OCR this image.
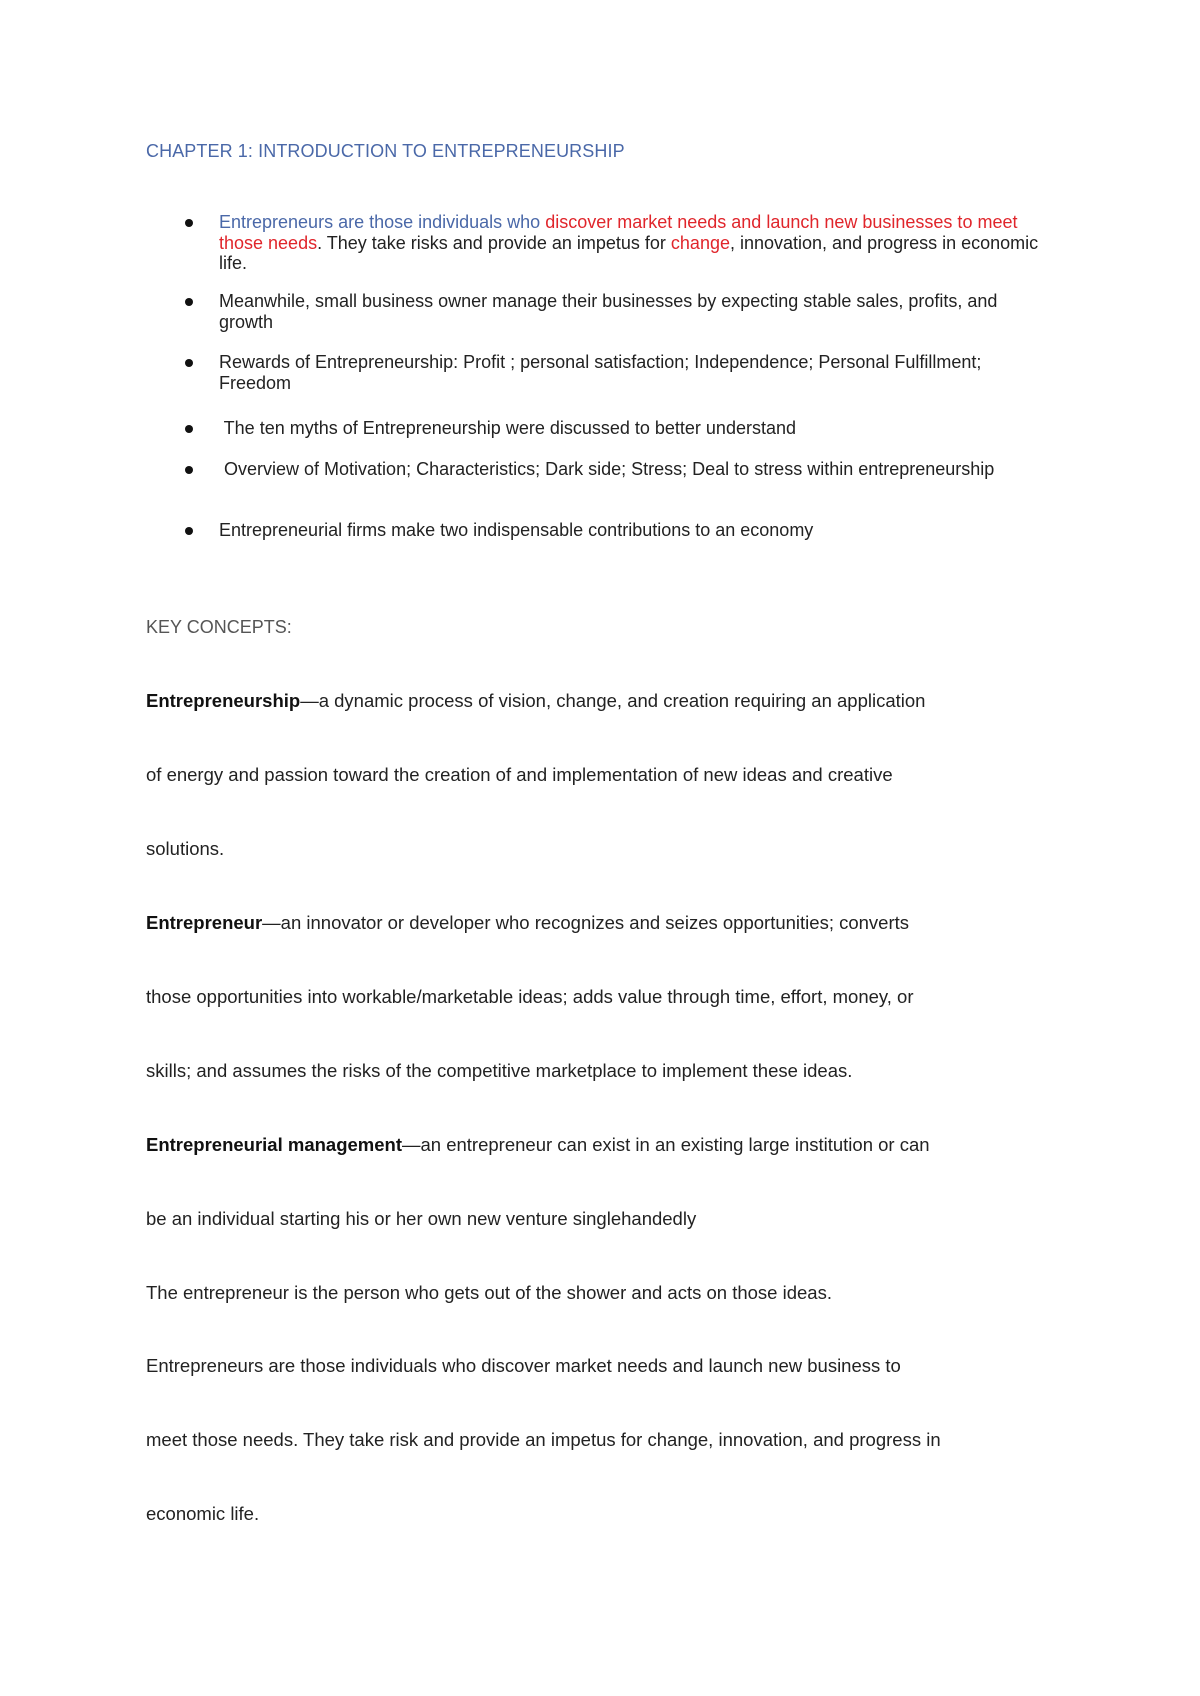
CHAPTER 1: INTRODUCTION TO ENTREPRENEURSHIP
Entrepreneurs are those individuals who discover market needs and launch new businesses to meet those needs. They take risks and provide an impetus for change, innovation, and progress in economic life.
Meanwhile, small business owner manage their businesses by expecting stable sales, profits, and growth
Rewards of Entrepreneurship: Profit ; personal satisfaction; Independence; Personal Fulfillment; Freedom
The ten myths of Entrepreneurship were discussed to better understand
Overview of Motivation; Characteristics; Dark side; Stress; Deal to stress within entrepreneurship
Entrepreneurial firms make two indispensable contributions to an economy
KEY CONCEPTS:
Entrepreneurship—a dynamic process of vision, change, and creation requiring an application
of energy and passion toward the creation of and implementation of new ideas and creative
solutions.
Entrepreneur—an innovator or developer who recognizes and seizes opportunities; converts
those opportunities into workable/marketable ideas; adds value through time, effort, money, or
skills; and assumes the risks of the competitive marketplace to implement these ideas.
Entrepreneurial management—an entrepreneur can exist in an existing large institution or can
be an individual starting his or her own new venture singlehandedly
The entrepreneur is the person who gets out of the shower and acts on those ideas.
Entrepreneurs are those individuals who discover market needs and launch new business to
meet those needs. They take risk and provide an impetus for change, innovation, and progress in
economic life.
